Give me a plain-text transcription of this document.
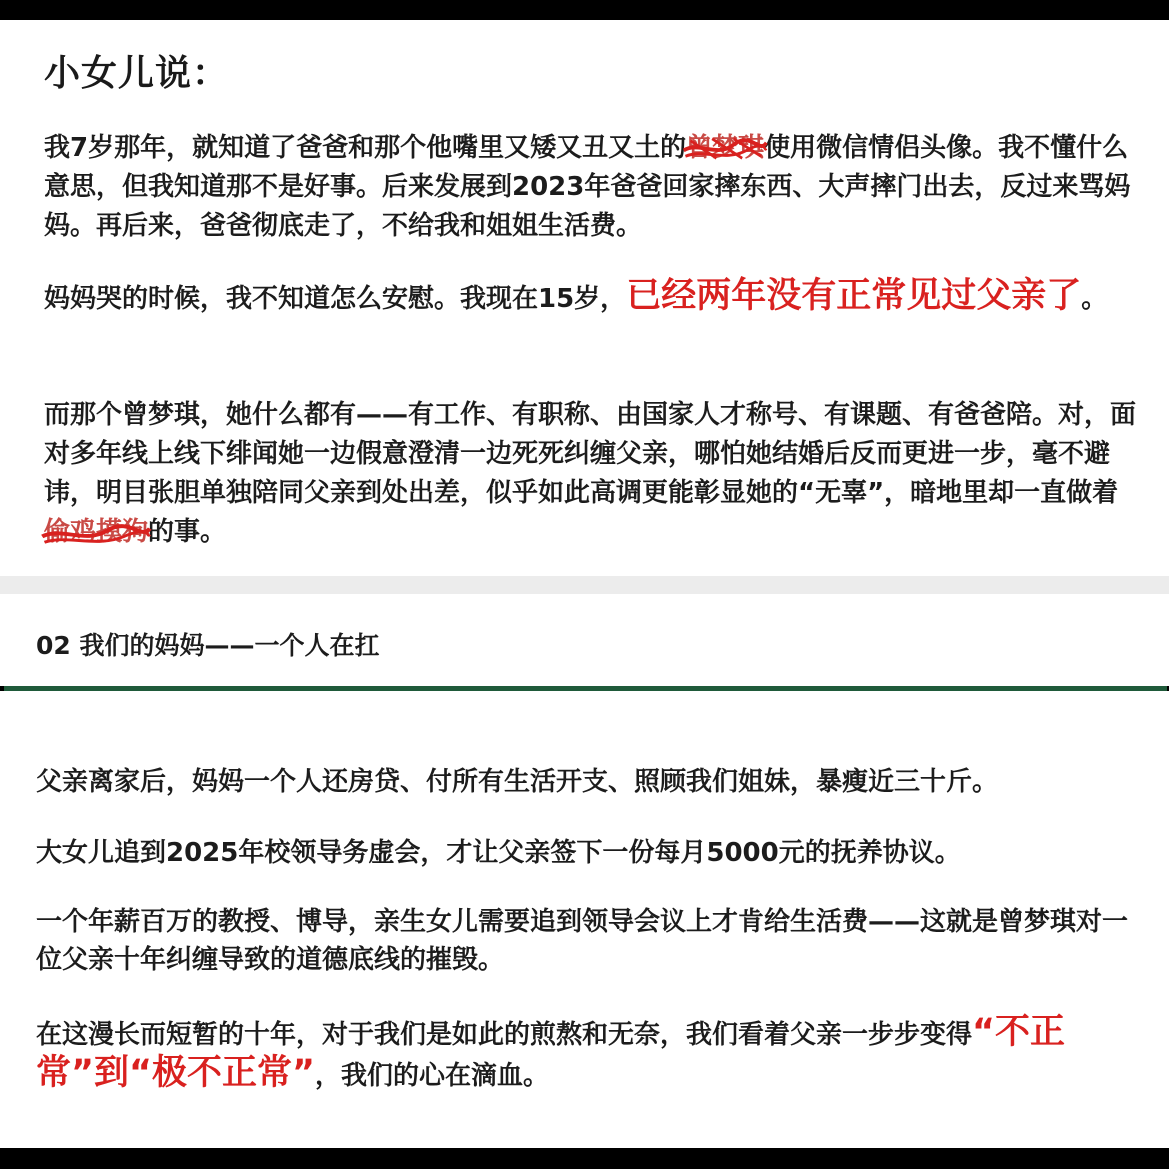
小女儿说：

我7岁那年，就知道了爸爸和那个他嘴里又矮又丑又土的曾梦琪
使用微信情侣头像。我不懂什么意思，但我知道那不是好事。后来发展到2023年爸爸回家摔东西、大声摔门出去，反过来骂妈妈。再后来，爸爸彻底走了，不给我和姐姐生活费。

妈妈哭的时候，我不知道怎么安慰。我现在15岁，已经两年没有正常见过父亲了。

而那个曾梦琪，她什么都有——有工作、有职称、由国家人才称号、有课题、有爸爸陪。对，面对多年线上线下绯闻她一边假意澄清一边死死纠缠父亲，哪怕她结婚后反而更进一步，毫不避讳，明目张胆单独陪同父亲到处出差，似乎如此高调更能彰显她的“无辜”，暗地里却一直做着偷鸡摸狗
的事。

02 我们的妈妈——一个人在扛

父亲离家后，妈妈一个人还房贷、付所有生活开支、照顾我们姐妹，暴瘦近三十斤。

大女儿追到2025年校领导务虚会，才让父亲签下一份每月5000元的抚养协议。

一个年薪百万的教授、博导，亲生女儿需要追到领导会议上才肯给生活费——这就是曾梦琪对一位父亲十年纠缠导致的道德底线的摧毁。

在这漫长而短暂的十年，对于我们是如此的煎熬和无奈，我们看着父亲一步步变得“不正常”到“极不正常”，我们的心在滴血。
